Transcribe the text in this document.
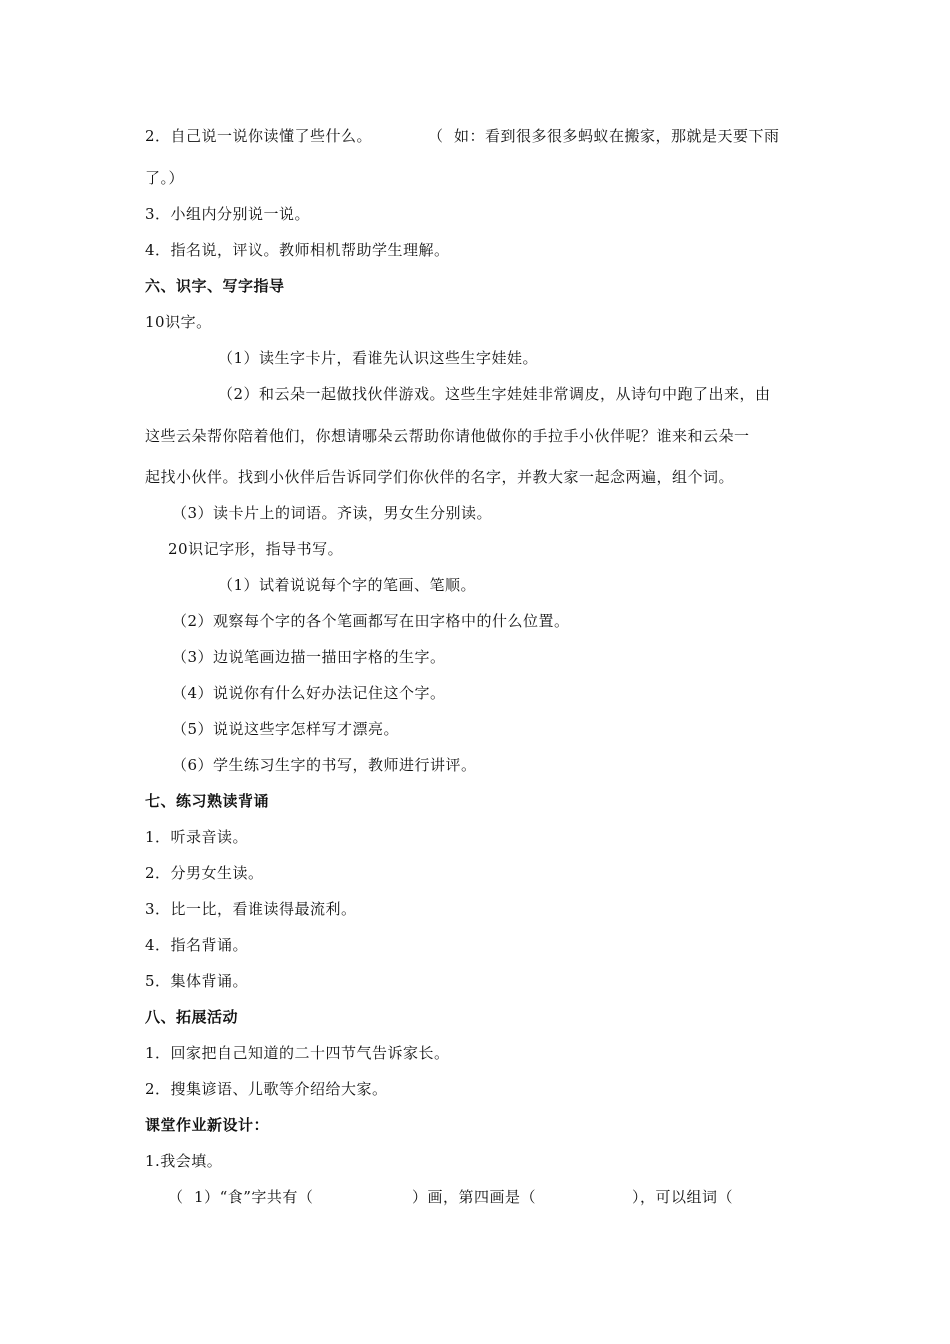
2．自己说一说你读懂了些什么。	（  如：看到很多很多蚂蚁在搬家，那就是天要下雨
了。）
3．小组内分别说一说。
4．指名说，评议。教师相机帮助学生理解。
六、识字、写字指导
10识字。
（1）读生字卡片，看谁先认识这些生字娃娃。
（2）和云朵一起做找伙伴游戏。这些生字娃娃非常调皮，从诗句中跑了出来，由
这些云朵帮你陪着他们，你想请哪朵云帮助你请他做你的手拉手小伙伴呢？谁来和云朵一
起找小伙伴。找到小伙伴后告诉同学们你伙伴的名字，并教大家一起念两遍，组个词。
（3）读卡片上的词语。齐读，男女生分别读。
20识记字形，指导书写。
（1）试着说说每个字的笔画、笔顺。
（2）观察每个字的各个笔画都写在田字格中的什么位置。
（3）边说笔画边描一描田字格的生字。
（4）说说你有什么好办法记住这个字。
（5）说说这些字怎样写才漂亮。
（6）学生练习生字的书写，教师进行讲评。
七、练习熟读背诵
1．听录音读。
2．分男女生读。
3．比一比，看谁读得最流利。
4．指名背诵。
5．集体背诵。
八、拓展活动
1．回家把自己知道的二十四节气告诉家长。
2．搜集谚语、儿歌等介绍给大家。
课堂作业新设计：
1.我会填。
（  1）“食”字共有（	）画，第四画是（	），可以组词（
